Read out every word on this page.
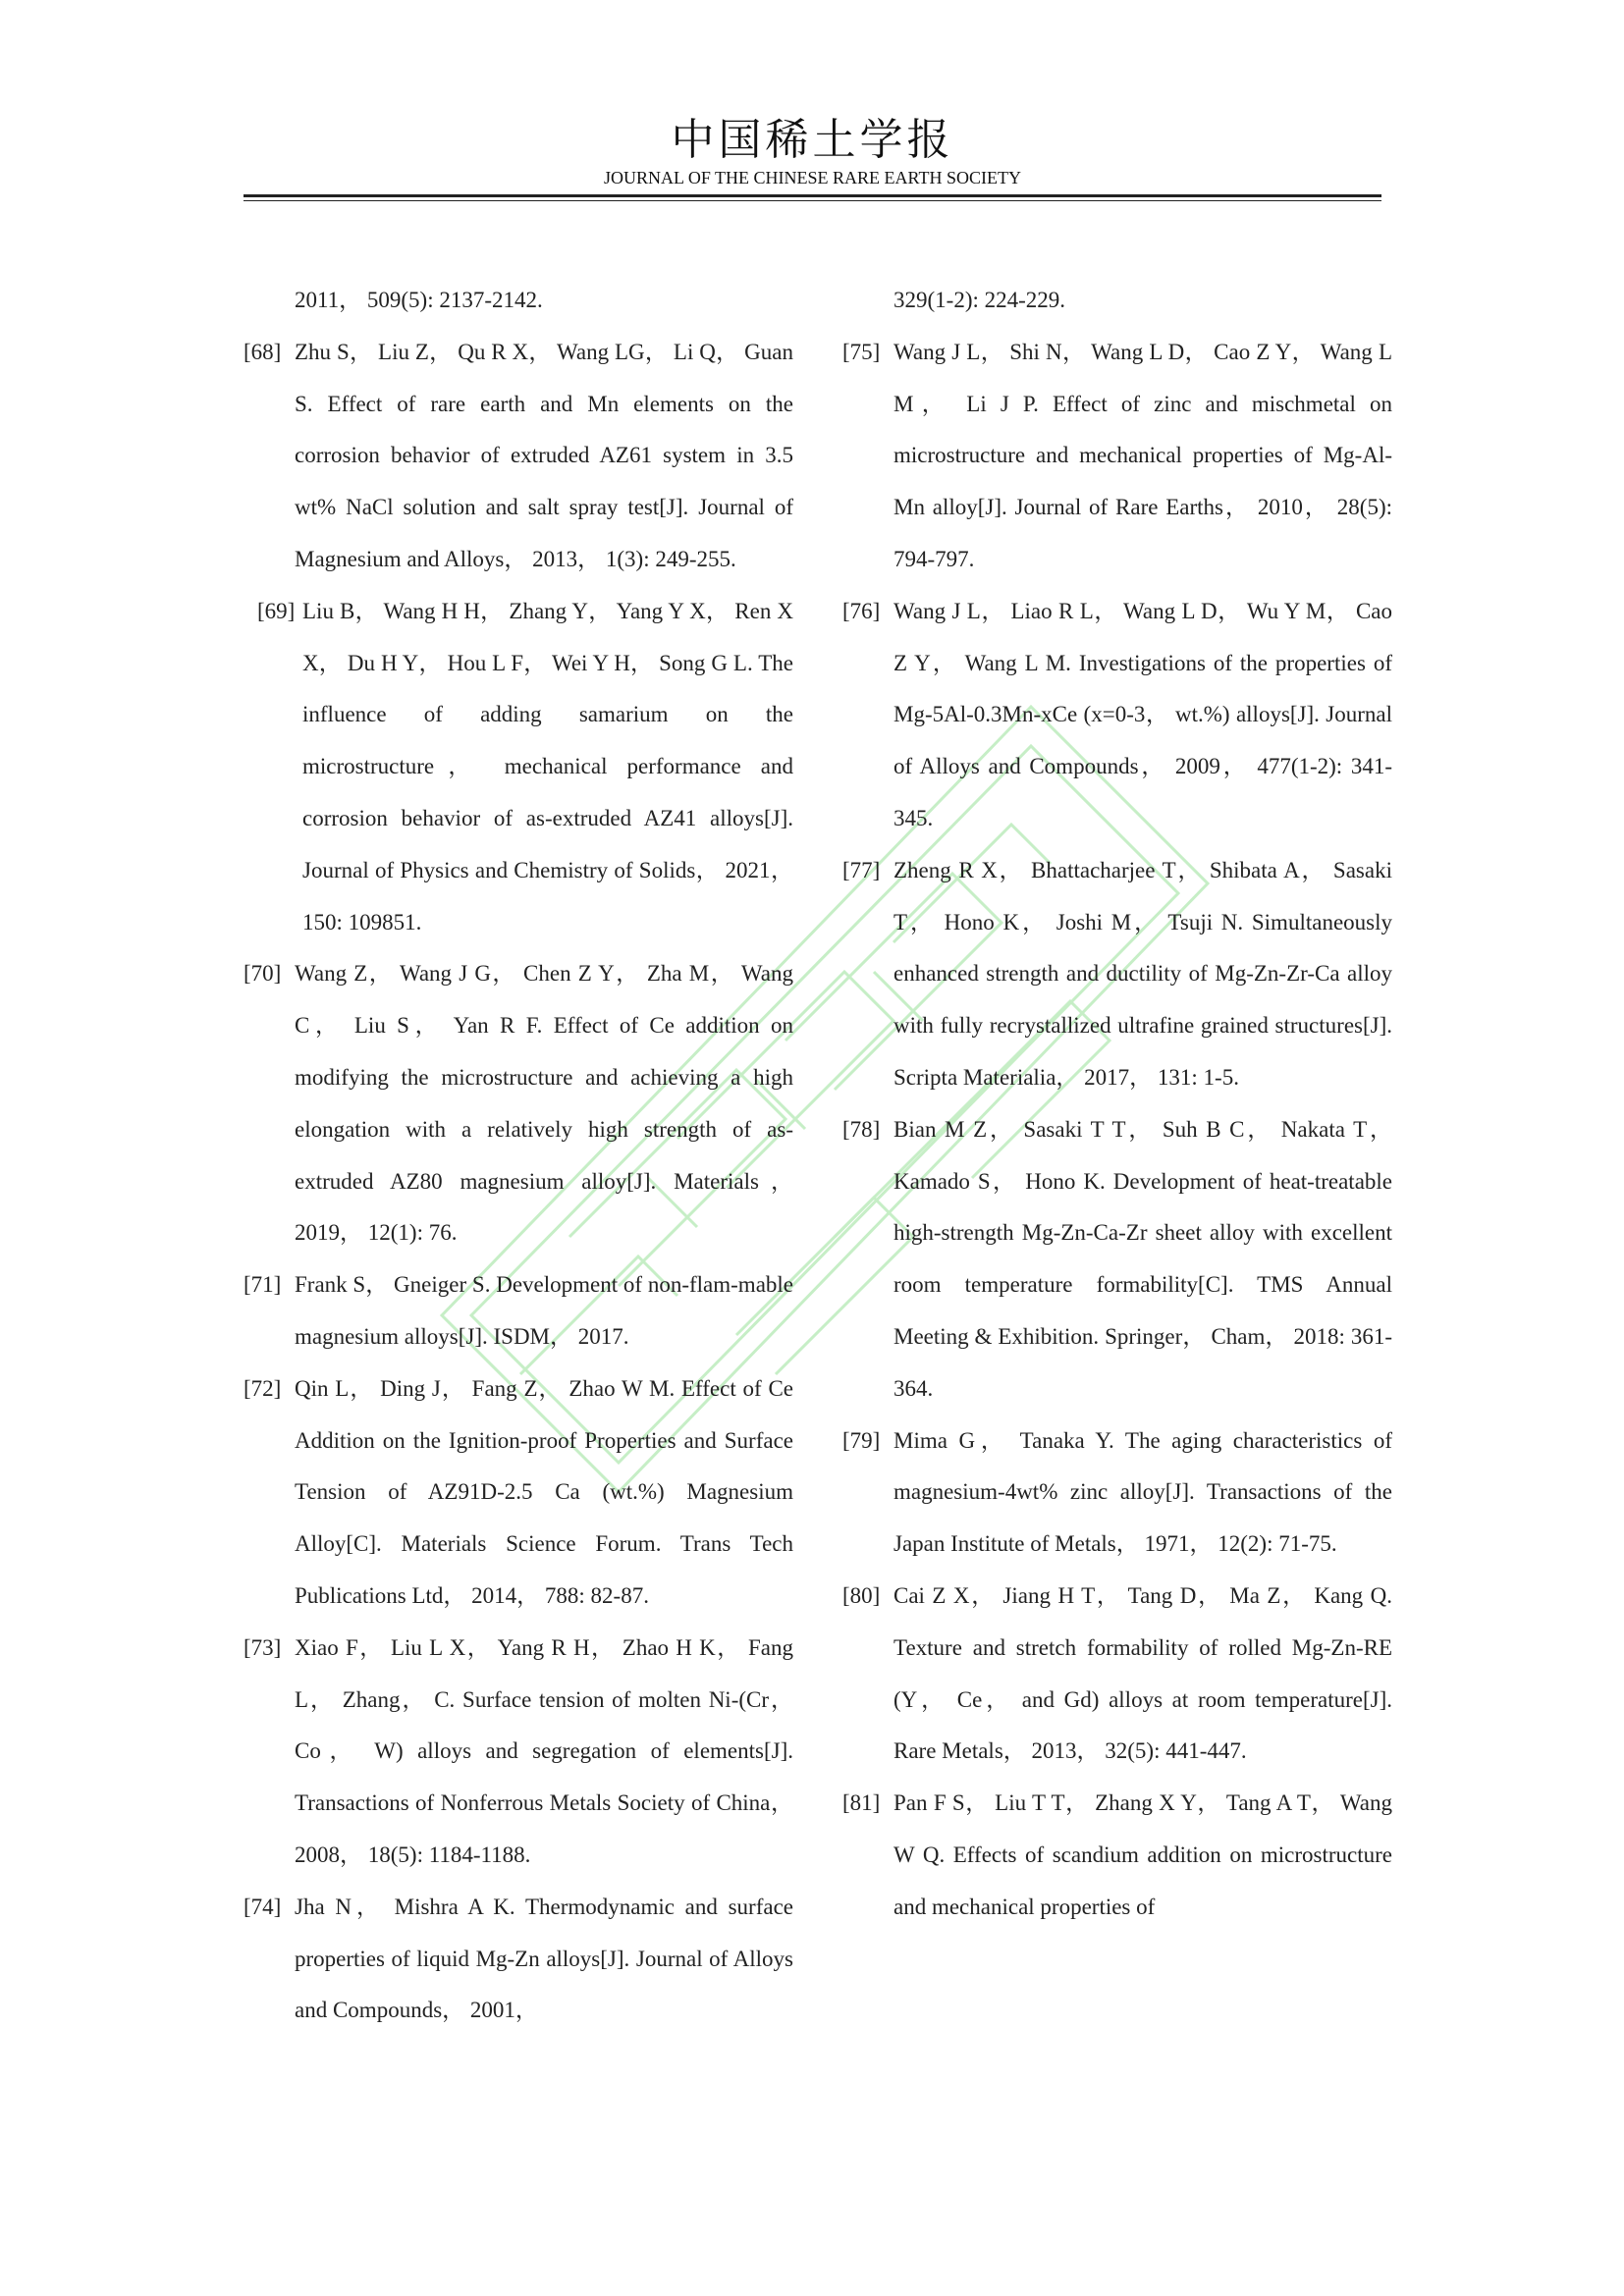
中国稀土学报
JOURNAL OF THE CHINESE RARE EARTH SOCIETY
2011， 509(5): 2137-2142.
[68] Zhu S， Liu Z， Qu R X， Wang LG， Li Q， Guan S. Effect of rare earth and Mn elements on the corrosion behavior of extruded AZ61 system in 3.5 wt% NaCl solution and salt spray test[J]. Journal of Magnesium and Alloys， 2013， 1(3): 249-255.
[69] Liu B， Wang H H， Zhang Y， Yang Y X， Ren X X， Du H Y， Hou L F， Wei Y H， Song G L. The influence of adding samarium on the microstructure， mechanical performance and corrosion behavior of as-extruded AZ41 alloys[J]. Journal of Physics and Chemistry of Solids， 2021， 150: 109851.
[70] Wang Z， Wang J G， Chen Z Y， Zha M， Wang C， Liu S， Yan R F. Effect of Ce addition on modifying the microstructure and achieving a high elongation with a relatively high strength of as-extruded AZ80 magnesium alloy[J]. Materials， 2019， 12(1): 76.
[71] Frank S， Gneiger S. Development of non-flam-mable magnesium alloys[J]. ISDM， 2017.
[72] Qin L， Ding J， Fang Z， Zhao W M. Effect of Ce Addition on the Ignition-proof Properties and Surface Tension of AZ91D-2.5 Ca (wt.%) Magnesium Alloy[C]. Materials Science Forum. Trans Tech Publications Ltd， 2014， 788: 82-87.
[73] Xiao F， Liu L X， Yang R H， Zhao H K， Fang L， Zhang， C. Surface tension of molten Ni-(Cr， Co， W) alloys and segregation of elements[J]. Transactions of Nonferrous Metals Society of China， 2008， 18(5): 1184-1188.
[74] Jha N， Mishra A K. Thermodynamic and surface properties of liquid Mg-Zn alloys[J]. Journal of Alloys and Compounds， 2001，
329(1-2): 224-229.
[75] Wang J L， Shi N， Wang L D， Cao Z Y， Wang L M， Li J P. Effect of zinc and mischmetal on microstructure and mechanical properties of Mg-Al-Mn alloy[J]. Journal of Rare Earths， 2010， 28(5): 794-797.
[76] Wang J L， Liao R L， Wang L D， Wu Y M， Cao Z Y， Wang L M. Investigations of the properties of Mg-5Al-0.3Mn-xCe (x=0-3， wt.%) alloys[J]. Journal of Alloys and Compounds， 2009， 477(1-2): 341-345.
[77] Zheng R X， Bhattacharjee T， Shibata A， Sasaki T， Hono K， Joshi M， Tsuji N. Simultaneously enhanced strength and ductility of Mg-Zn-Zr-Ca alloy with fully recrystallized ultrafine grained structures[J]. Scripta Materialia， 2017， 131: 1-5.
[78] Bian M Z， Sasaki T T， Suh B C， Nakata T， Kamado S， Hono K. Development of heat-treatable high-strength Mg-Zn-Ca-Zr sheet alloy with excellent room temperature formability[C]. TMS Annual Meeting & Exhibition. Springer， Cham， 2018: 361-364.
[79] Mima G， Tanaka Y. The aging characteristics of magnesium-4wt% zinc alloy[J]. Transactions of the Japan Institute of Metals， 1971， 12(2): 71-75.
[80] Cai Z X， Jiang H T， Tang D， Ma Z， Kang Q. Texture and stretch formability of rolled Mg-Zn-RE (Y， Ce， and Gd) alloys at room temperature[J]. Rare Metals， 2013， 32(5): 441-447.
[81] Pan F S， Liu T T， Zhang X Y， Tang A T， Wang W Q. Effects of scandium addition on microstructure and mechanical properties of
